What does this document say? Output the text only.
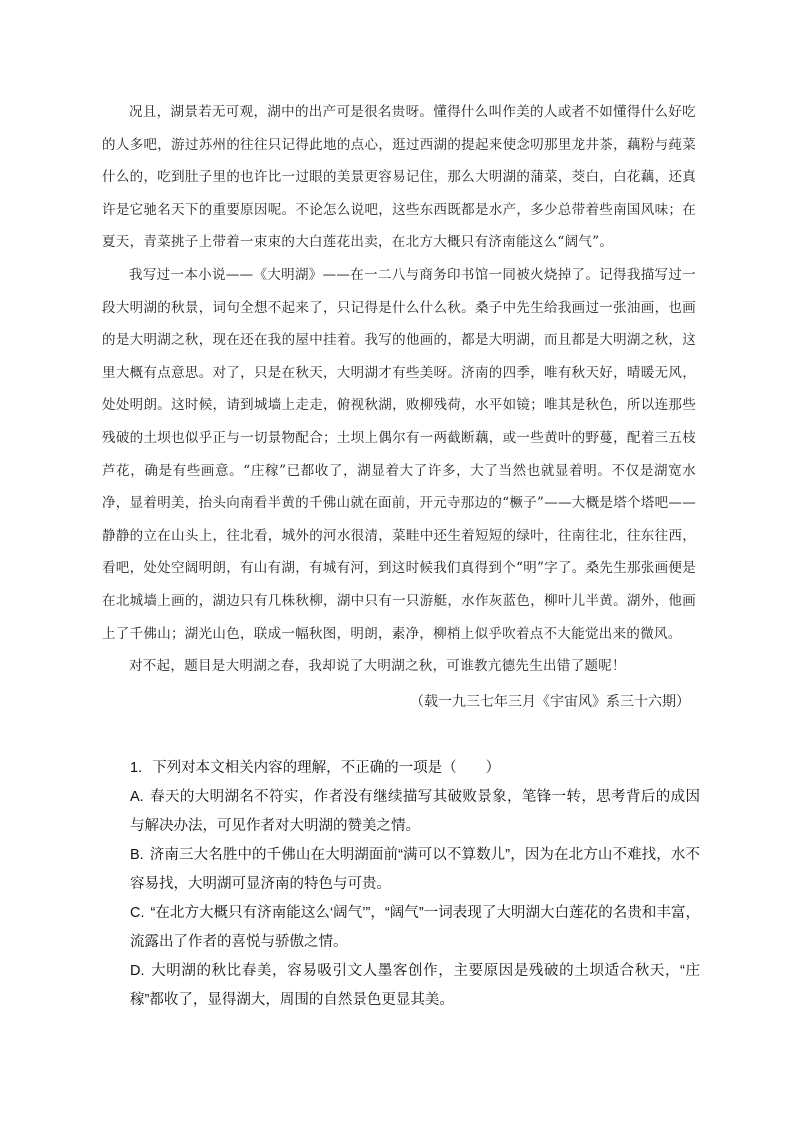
况且，湖景若无可观，湖中的出产可是很名贵呀。懂得什么叫作美的人或者不如懂得什么好吃的人多吧，游过苏州的往往只记得此地的点心，逛过西湖的提起来使念叨那里龙井茶，藕粉与莼菜什么的，吃到肚子里的也许比一过眼的美景更容易记住，那么大明湖的蒲菜，茭白，白花藕，还真许是它驰名天下的重要原因呢。不论怎么说吧，这些东西既都是水产，多少总带着些南国风味；在夏天，青菜挑子上带着一束束的大白莲花出卖，在北方大概只有济南能这么“阔气”。

我写过一本小说——《大明湖》——在一二八与商务印书馆一同被火烧掉了。记得我描写过一段大明湖的秋景，词句全想不起来了，只记得是什么什么秋。桑子中先生给我画过一张油画，也画的是大明湖之秋，现在还在我的屋中挂着。我写的他画的，都是大明湖，而且都是大明湖之秋，这里大概有点意思。对了，只是在秋天，大明湖才有些美呀。济南的四季，唯有秋天好，晴暖无风，处处明朗。这时候，请到城墙上走走，俯视秋湖，败柳残荷，水平如镜；唯其是秋色，所以连那些残破的土坝也似乎正与一切景物配合；土坝上偶尔有一两截断藕，或一些黄叶的野蔓，配着三五枝芦花，确是有些画意。“庄稼”已都收了，湖显着大了许多，大了当然也就显着明。不仅是湖宽水净，显着明美，抬头向南看半黄的千佛山就在面前，开元寺那边的“橛子”——大概是塔个塔吧——静静的立在山头上，往北看，城外的河水很清，菜畦中还生着短短的绿叶，往南往北，往东往西，看吧，处处空阔明朗，有山有湖，有城有河，到这时候我们真得到个“明”字了。桑先生那张画便是在北城墙上画的，湖边只有几株秋柳，湖中只有一只游艇，水作灰蓝色，柳叶儿半黄。湖外，他画上了千佛山；湖光山色，联成一幅秋图，明朗，素净，柳梢上似乎吹着点不大能觉出来的微风。

对不起，题目是大明湖之春，我却说了大明湖之秋，可谁教亢德先生出错了题呢！

（载一九三七年三月《宇宙风》系三十六期）

1. 下列对本文相关内容的理解，不正确的一项是（　　）

A. 春天的大明湖名不符实，作者没有继续描写其破败景象，笔锋一转，思考背后的成因与解决办法，可见作者对大明湖的赞美之情。

B. 济南三大名胜中的千佛山在大明湖面前“满可以不算数儿”，因为在北方山不难找，水不容易找，大明湖可显济南的特色与可贵。

C. “在北方大概只有济南能这么‘阔气’”，“阔气”一词表现了大明湖大白莲花的名贵和丰富，流露出了作者的喜悦与骄傲之情。

D. 大明湖的秋比春美，容易吸引文人墨客创作，主要原因是残破的土坝适合秋天，“庄稼”都收了，显得湖大，周围的自然景色更显其美。
